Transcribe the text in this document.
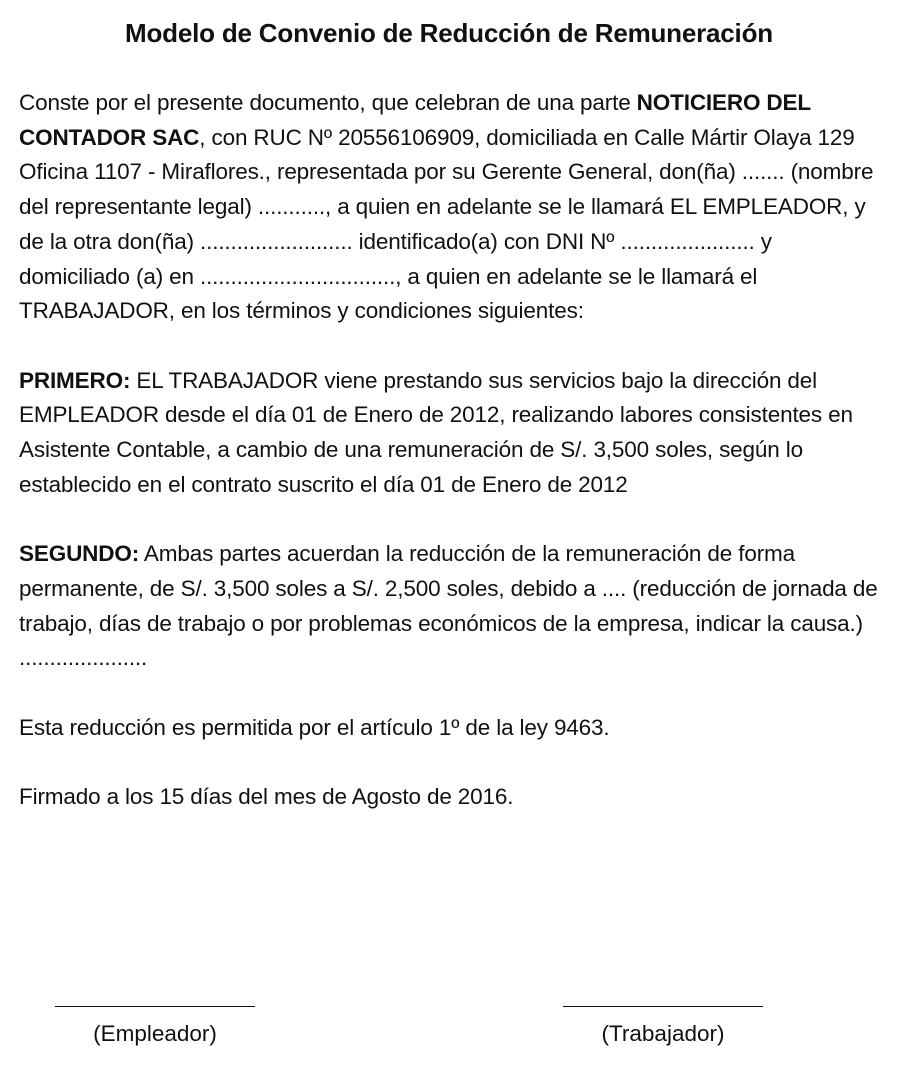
Modelo de Convenio de Reducción de Remuneración

Conste por el presente documento, que celebran de una parte NOTICIERO DEL CONTADOR SAC, con RUC Nº 20556106909, domiciliada en Calle Mártir Olaya 129 Oficina 1107 - Miraflores., representada por su Gerente General, don(ña) ....... (nombre del representante legal) ..........., a quien en adelante se le llamará EL EMPLEADOR, y de la otra don(ña) ......................... identificado(a) con DNI Nº ...................... y domiciliado (a) en ................................, a quien en adelante se le llamará el TRABAJADOR, en los términos y condiciones siguientes:

PRIMERO: EL TRABAJADOR viene prestando sus servicios bajo la dirección del EMPLEADOR desde el día 01 de Enero de 2012, realizando labores consistentes en Asistente Contable, a cambio de una remuneración de S/. 3,500 soles, según lo establecido en el contrato suscrito el día 01 de Enero de 2012

SEGUNDO: Ambas partes acuerdan la reducción de la remuneración de forma permanente, de S/. 3,500 soles a S/. 2,500 soles, debido a .... (reducción de jornada de trabajo, días de trabajo o por problemas económicos de la empresa, indicar la causa.) .....................

Esta reducción es permitida por el artículo 1º de la ley 9463.

Firmado a los 15 días del mes de Agosto de 2016.

(Empleador)	(Trabajador)
